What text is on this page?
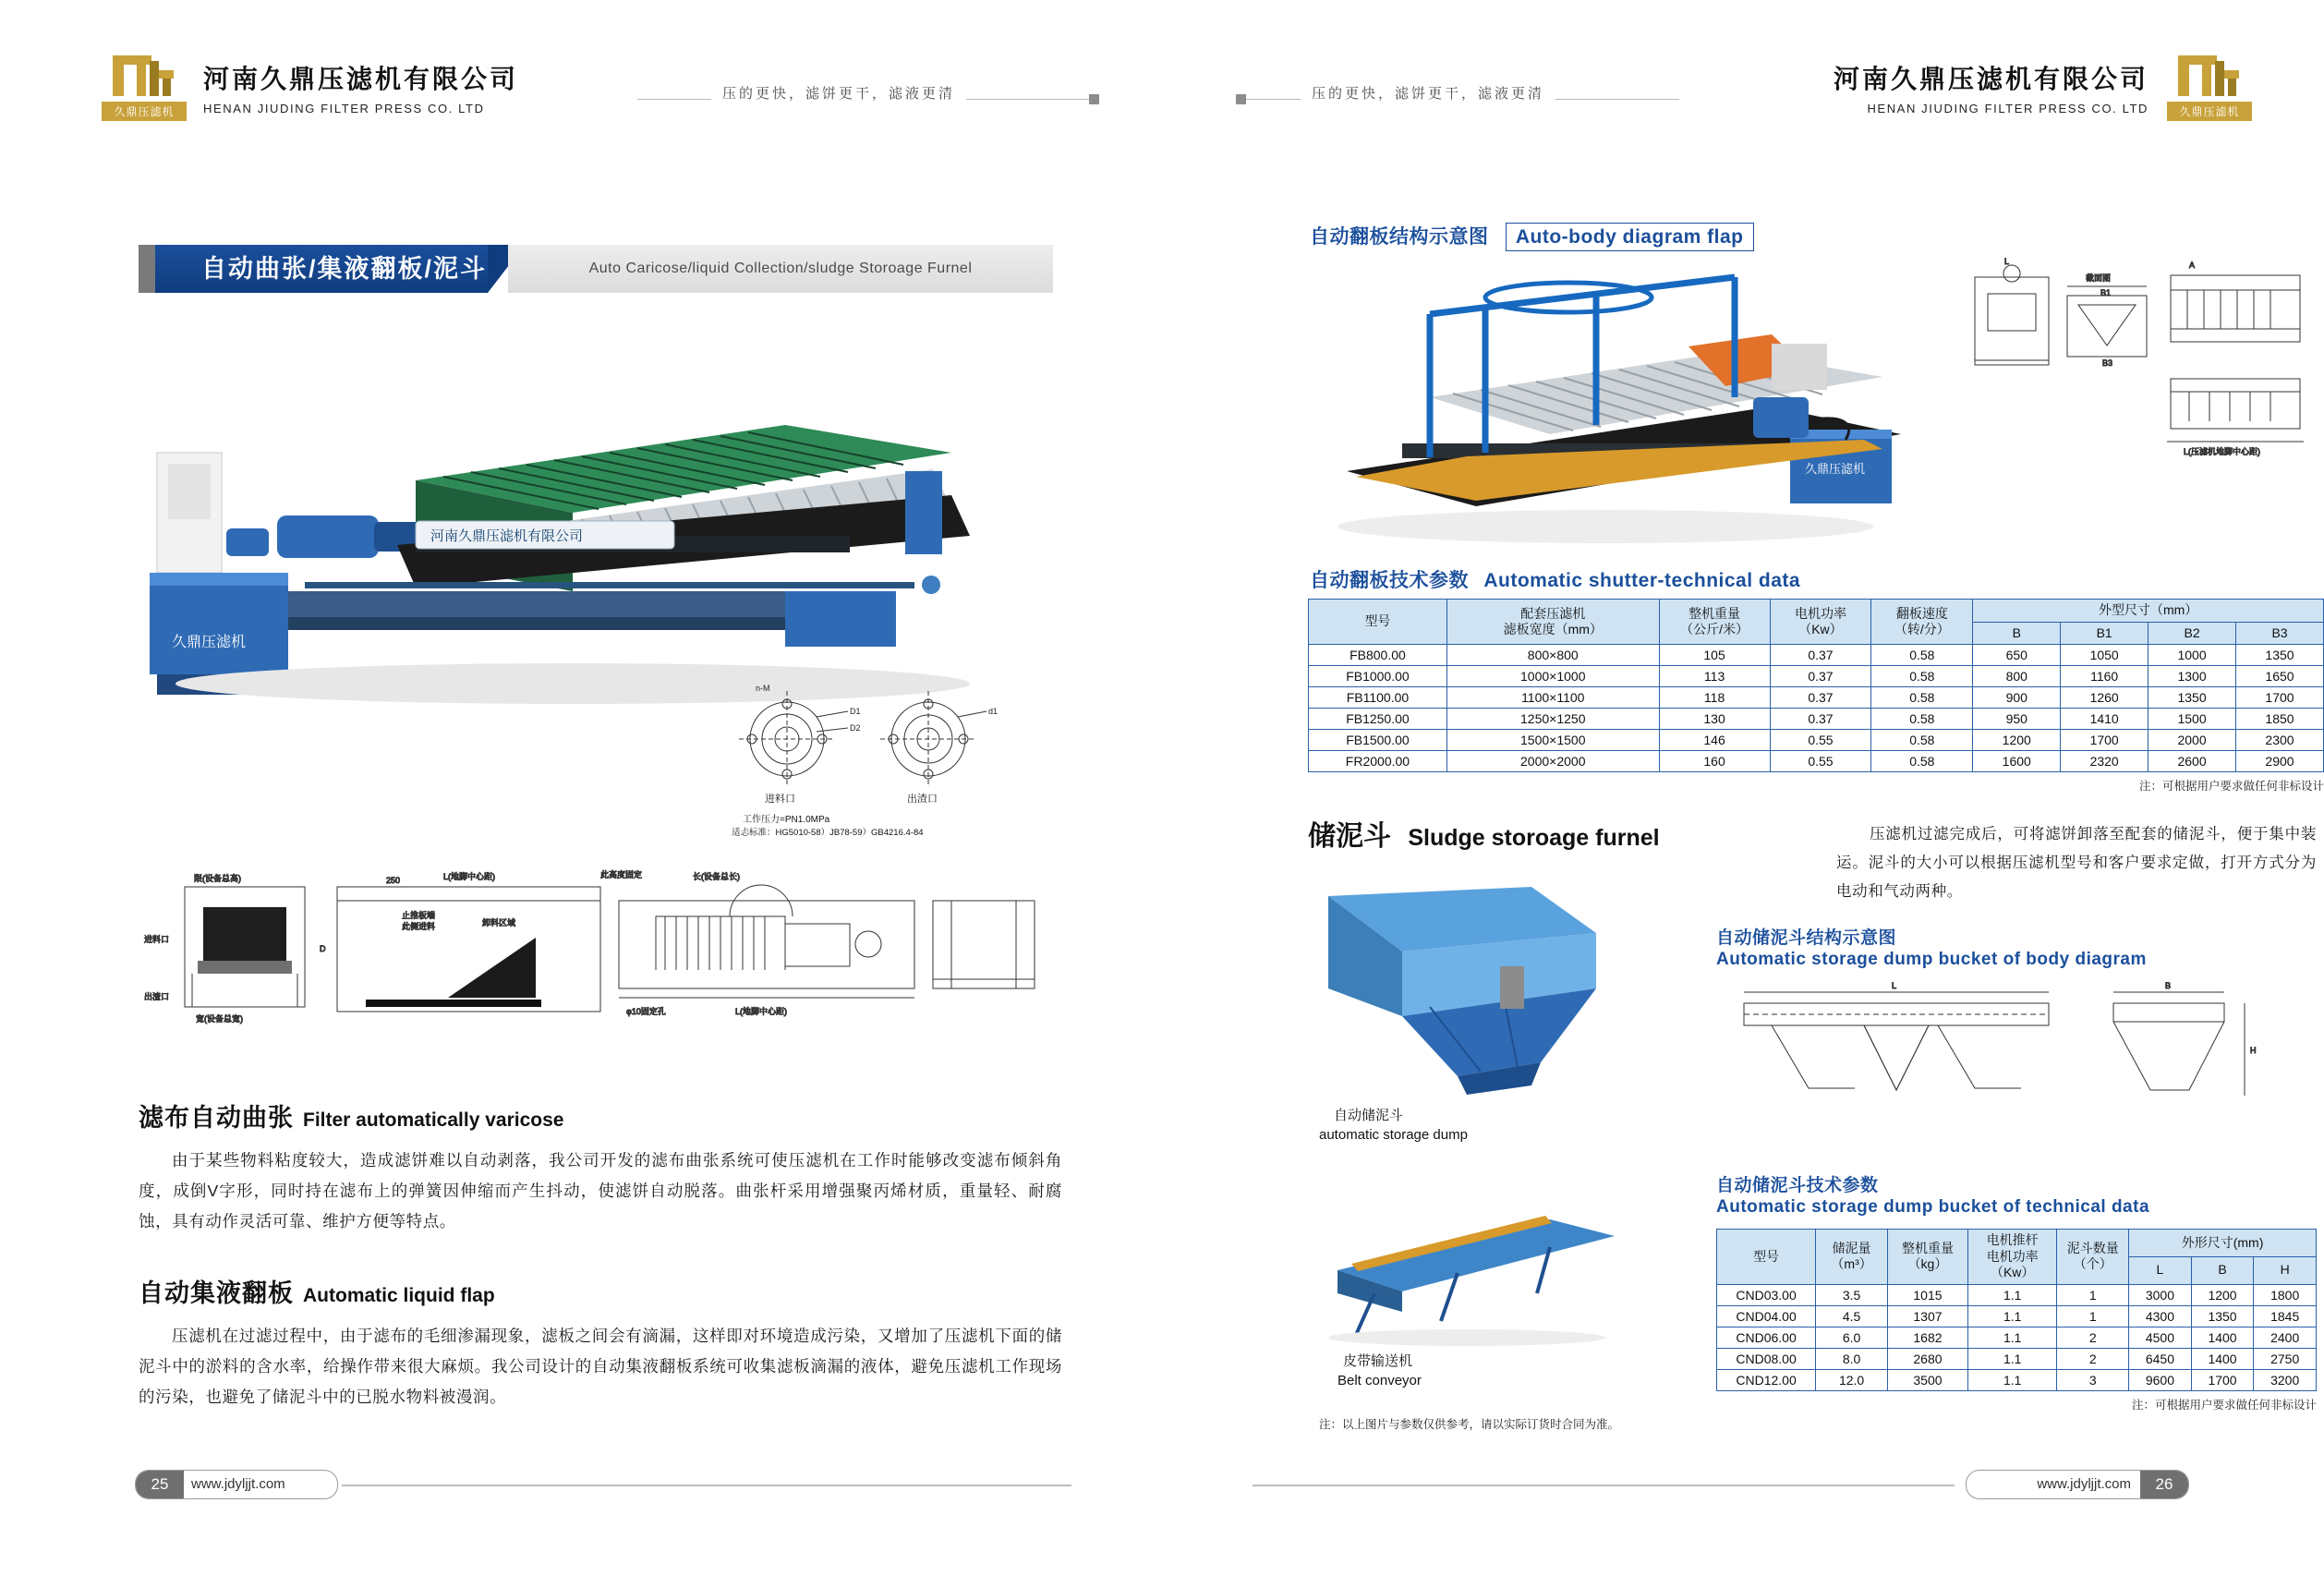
久鼎压滤机
河南久鼎压滤机有限公司
HENAN JIUDING FILTER PRESS CO. LTD
压的更快，滤饼更干，滤液更清
自动曲张/集液翻板/泥斗	Auto Caricose/liquid Collection/sludge Storoage Furnel
久鼎压滤机
河南久鼎压滤机有限公司
n-M
D1
D2
d1
进料口	出渣口
工作压力=PN1.0MPa
适忐标准：HG5010-58）JB78-59）GB4216.4-84
限(设备总高)
进料口
出渣口
宽(设备总宽)
250	L(地脚中心距)
止推板端
此侧进料	卸料区域
D
此高度固定	长(设备总长)
φ10固定孔	L(地脚中心距)
滤布自动曲张 Filter automatically varicose
由于某些物料粘度较大，造成滤饼难以自动剥落，我公司开发的滤布曲张系统可使压滤机在工作时能够改变滤布倾斜角度，成倒V字形，同时持在滤布上的弹簧因伸缩而产生抖动，使滤饼自动脱落。曲张杆采用增强聚丙烯材质，重量轻、耐腐蚀，具有动作灵活可靠、维护方便等特点。
自动集液翻板 Automatic liquid flap
压滤机在过滤过程中，由于滤布的毛细渗漏现象，滤板之间会有滴漏，这样即对环境造成污染，又增加了压滤机下面的储泥斗中的淤料的含水率，给操作带来很大麻烦。我公司设计的自动集液翻板系统可收集滤板滴漏的液体，避免压滤机工作现场的污染，也避免了储泥斗中的已脱水物料被漫润。
25	www.jdyljjt.com
压的更快，滤饼更干，滤液更清
河南久鼎压滤机有限公司
HENAN JIUDING FILTER PRESS CO. LTD	久鼎压滤机
自动翻板结构示意图 Auto-body diagram flap
久鼎压滤机
L
截面图
B1
B3
A
L(压滤机地脚中心距)
自动翻板技术参数 Automatic shutter-technical data
型号

配套压滤机
滤板宽度（mm）

整机重量
（公斤/米）

电机功率
（Kw）

翻板速度
（转/分）

外型尺寸（mm）

					B	B1	B2	B3
FB800.00	800×800	105	0.37	0.58	650	1050	1000	1350
FB1000.00	1000×1000	113	0.37	0.58	800	1160	1300	1650
FB1100.00	1100×1100	118	0.37	0.58	900	1260	1350	1700
FB1250.00	1250×1250	130	0.37	0.58	950	1410	1500	1850
FB1500.00	1500×1500	146	0.55	0.58	1200	1700	2000	2300
FR2000.00	2000×2000	160	0.55	0.58	1600	2320	2600	2900
注：可根据用户要求做任何非标设计
储泥斗 Sludge storoage furnel	压滤机过滤完成后，可将滤饼卸落至配套的储泥斗，便于集中装运。泥斗的大小可以根据压滤机型号和客户要求定做，打开方式分为电动和气动两种。
自动储泥斗
automatic storage dump
自动储泥斗结构示意图
Automatic storage dump bucket of body diagram
L	B
H
皮带输送机
Belt conveyor
自动储泥斗技术参数
Automatic storage dump bucket of technical data
型号

储泥量
（m³）

整机重量
（kg）

电机推杆
电机功率
（Kw）

泥斗数量
（个）

外形尺寸(mm)

					L	B	H
CND03.00	3.5	1015	1.1	1	3000	1200	1800
CND04.00	4.5	1307	1.1	1	4300	1350	1845
CND06.00	6.0	1682	1.1	2	4500	1400	2400
CND08.00	8.0	2680	1.1	2	6450	1400	2750
CND12.00	12.0	3500	1.1	3	9600	1700	3200
注：可根据用户要求做任何非标设计
注：以上图片与参数仅供参考，请以实际订货时合同为准。
26
www.jdyljjt.com
